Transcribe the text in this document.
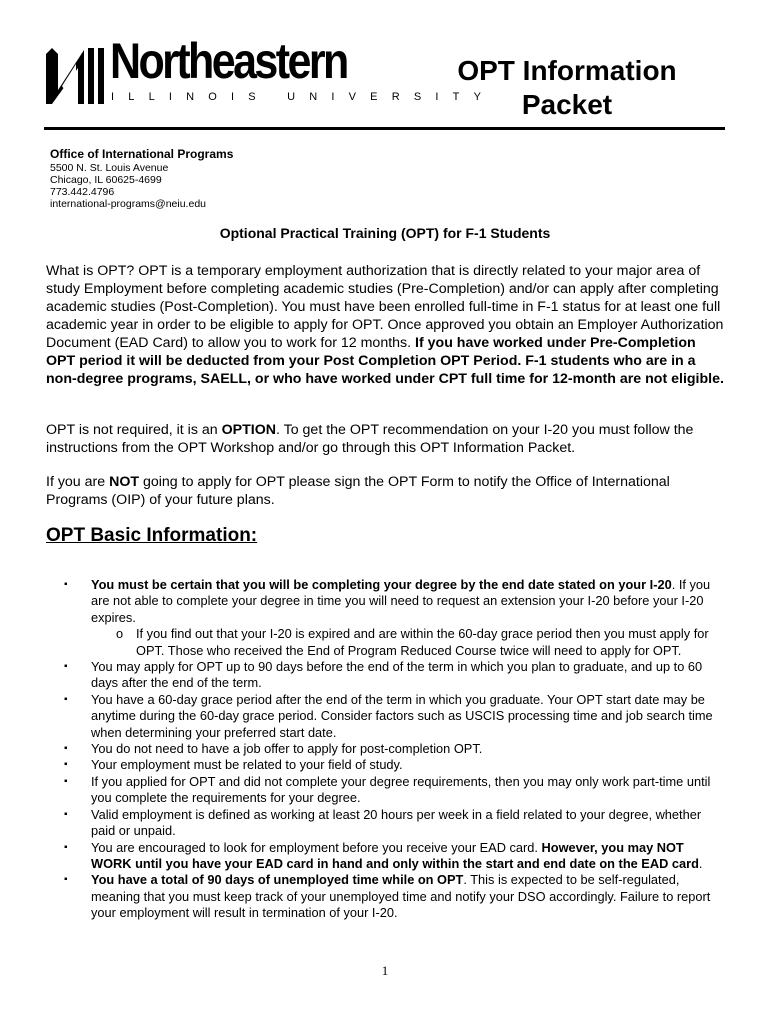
Northeastern
ILLINOIS UNIVERSITY
OPT Information
Packet
Office of International Programs
5500 N. St. Louis Avenue
Chicago, IL 60625-4699
773.442.4796
international-programs@neiu.edu
Optional Practical Training (OPT) for F-1 Students
What is OPT? OPT is a temporary employment authorization that is directly related to your major area of study Employment before completing academic studies (Pre-Completion) and/or can apply after completing academic studies (Post-Completion). You must have been enrolled full-time in F-1 status for at least one full academic year in order to be eligible to apply for OPT. Once approved you obtain an Employer Authorization Document (EAD Card) to allow you to work for 12 months. If you have worked under Pre-Completion OPT period it will be deducted from your Post Completion OPT Period. F-1 students who are in a non-degree programs, SAELL, or who have worked under CPT full time for 12-month are not eligible.
OPT is not required, it is an OPTION. To get the OPT recommendation on your I-20 you must follow the instructions from the OPT Workshop and/or go through this OPT Information Packet.
If you are NOT going to apply for OPT please sign the OPT Form to notify the Office of International Programs (OIP) of your future plans.
OPT Basic Information:
▪ You must be certain that you will be completing your degree by the end date stated on your I-20. If you are not able to complete your degree in time you will need to request an extension your I-20 before your I-20 expires.
o If you find out that your I-20 is expired and are within the 60-day grace period then you must apply for OPT. Those who received the End of Program Reduced Course twice will need to apply for OPT.
▪ You may apply for OPT up to 90 days before the end of the term in which you plan to graduate, and up to 60 days after the end of the term.
▪ You have a 60-day grace period after the end of the term in which you graduate. Your OPT start date may be anytime during the 60-day grace period. Consider factors such as USCIS processing time and job search time when determining your preferred start date.
▪ You do not need to have a job offer to apply for post-completion OPT.
▪ Your employment must be related to your field of study.
▪ If you applied for OPT and did not complete your degree requirements, then you may only work part-time until you complete the requirements for your degree.
▪ Valid employment is defined as working at least 20 hours per week in a field related to your degree, whether paid or unpaid.
▪ You are encouraged to look for employment before you receive your EAD card. However, you may NOT WORK until you have your EAD card in hand and only within the start and end date on the EAD card.
▪ You have a total of 90 days of unemployed time while on OPT. This is expected to be self-regulated, meaning that you must keep track of your unemployed time and notify your DSO accordingly. Failure to report your employment will result in termination of your I-20.
1
